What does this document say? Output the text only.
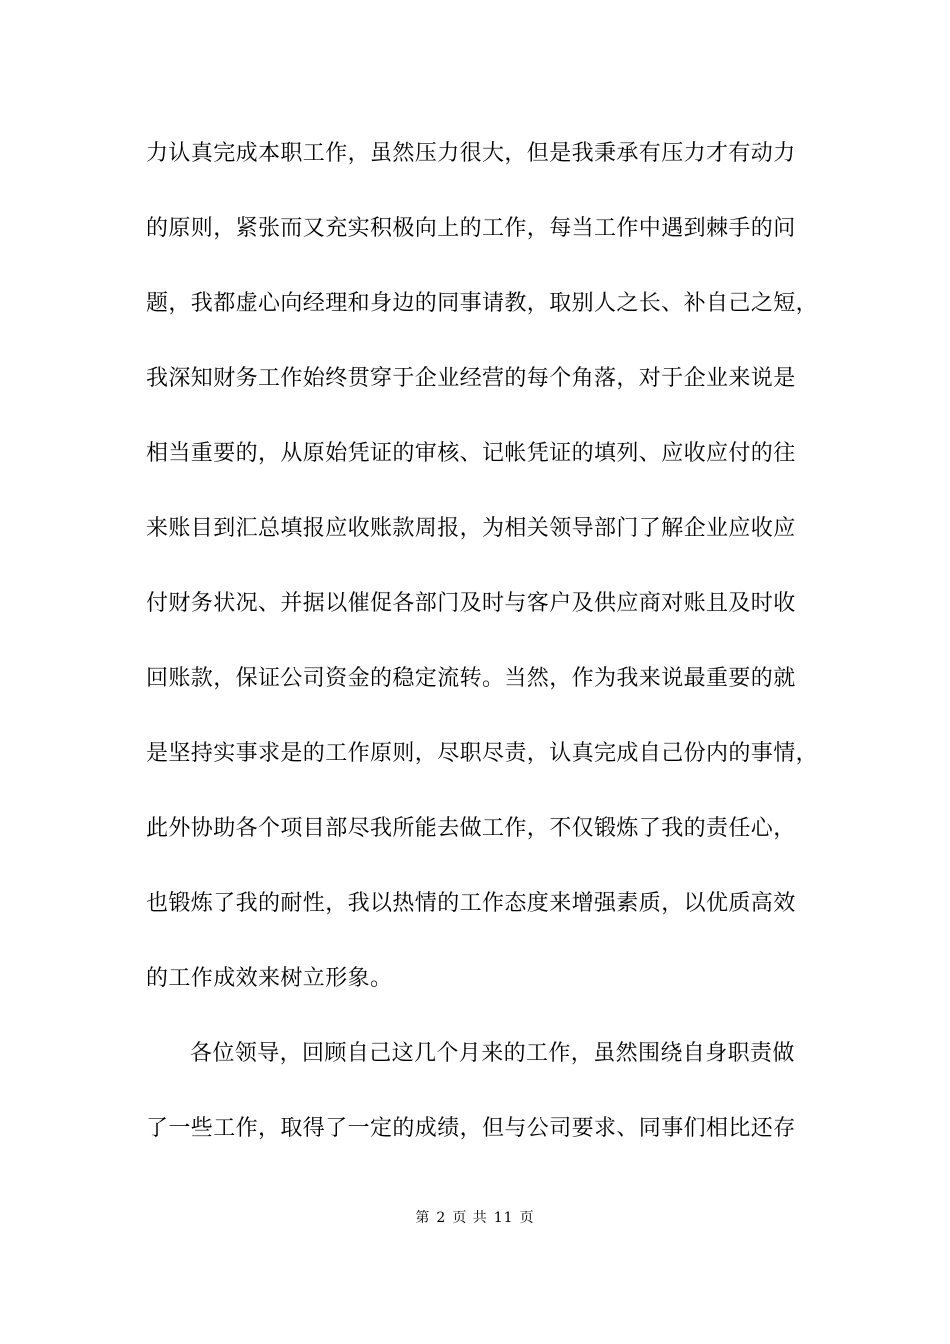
力认真完成本职工作，虽然压力很大，但是我秉承有压力才有动力
的原则，紧张而又充实积极向上的工作，每当工作中遇到棘手的问
题，我都虚心向经理和身边的同事请教，取别人之长、补自己之短，
我深知财务工作始终贯穿于企业经营的每个角落，对于企业来说是
相当重要的，从原始凭证的审核、记帐凭证的填列、应收应付的往
来账目到汇总填报应收账款周报，为相关领导部门了解企业应收应
付财务状况、并据以催促各部门及时与客户及供应商对账且及时收
回账款，保证公司资金的稳定流转。当然，作为我来说最重要的就
是坚持实事求是的工作原则，尽职尽责，认真完成自己份内的事情，
此外协助各个项目部尽我所能去做工作，不仅锻炼了我的责任心，
也锻炼了我的耐性，我以热情的工作态度来增强素质，以优质高效
的工作成效来树立形象。
各位领导，回顾自己这几个月来的工作，虽然围绕自身职责做
了一些工作，取得了一定的成绩，但与公司要求、同事们相比还存
第 2 页 共 11 页
